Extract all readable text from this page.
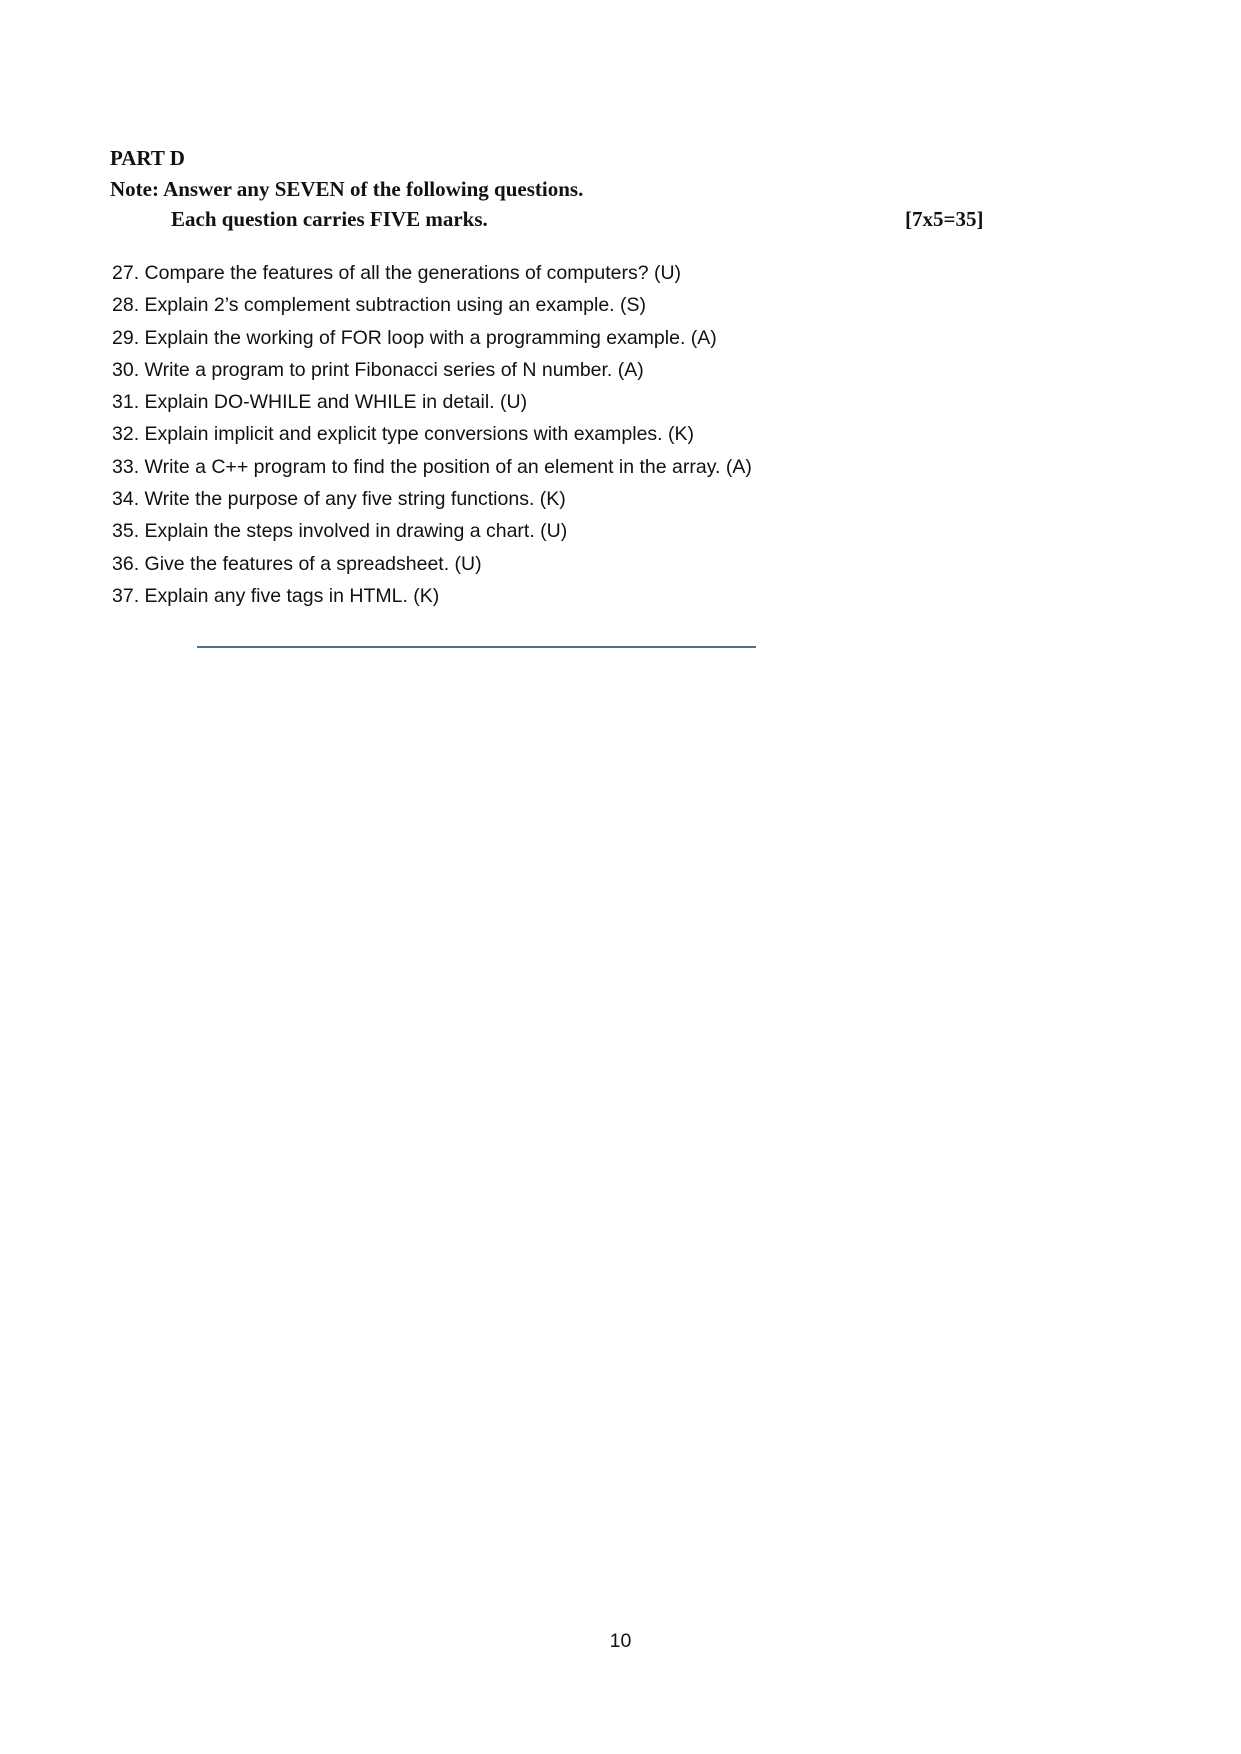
PART D
Note: Answer any SEVEN of the following questions.
Each question carries FIVE marks.	[7x5=35]
27. Compare the features of all the generations of computers? (U)
28. Explain 2’s complement subtraction using an example. (S)
29. Explain the working of FOR loop with a programming example. (A)
30. Write a program to print Fibonacci series of N number. (A)
31. Explain DO-WHILE and WHILE in detail. (U)
32. Explain implicit and explicit type conversions with examples. (K)
33. Write a C++ program to find the position of an element in the array. (A)
34. Write the purpose of any five string functions. (K)
35. Explain the steps involved in drawing a chart. (U)
36. Give the features of a spreadsheet. (U)
37. Explain any five tags in HTML. (K)
10
